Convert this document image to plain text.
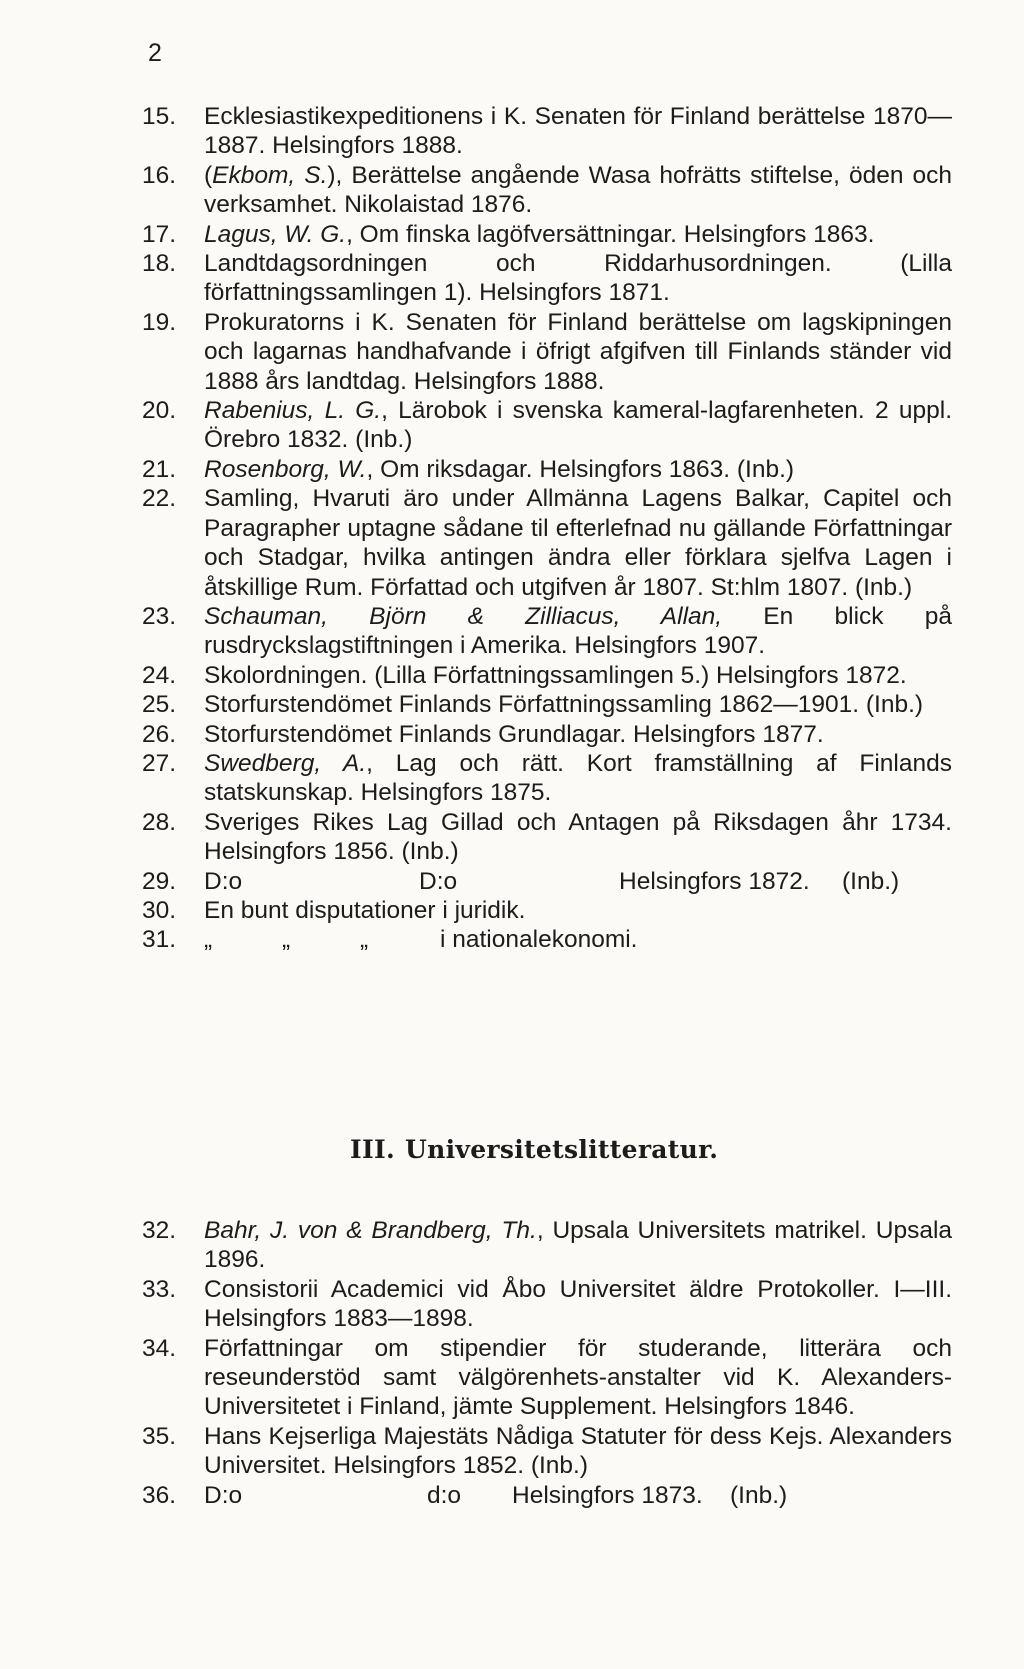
2
15. Ecklesiastikexpeditionens i K. Senaten för Finland berättelse 1870—1887. Helsingfors 1888.
16. (Ekbom, S.), Berättelse angående Wasa hofrätts stiftelse, öden och verksamhet. Nikolaistad 1876.
17. Lagus, W. G., Om finska lagöfversättningar. Helsingfors 1863.
18. Landtdagsordningen och Riddarhusordningen. (Lilla författningssamlingen 1). Helsingfors 1871.
19. Prokuratorns i K. Senaten för Finland berättelse om lagskipningen och lagarnas handhafvande i öfrigt afgifven till Finlands ständer vid 1888 års landtdag. Helsingfors 1888.
20. Rabenius, L. G., Lärobok i svenska kameral-lagfarenheten. 2 uppl. Örebro 1832. (Inb.)
21. Rosenborg, W., Om riksdagar. Helsingfors 1863. (Inb.)
22. Samling, Hvaruti äro under Allmänna Lagens Balkar, Capitel och Paragrapher uptagne sådane til efterlefnad nu gällande Författningar och Stadgar, hvilka antingen ändra eller förklara sjelfva Lagen i åtskillige Rum. Författad och utgifven år 1807. St:hlm 1807. (Inb.)
23. Schauman, Björn & Zilliacus, Allan, En blick på rusdryckslagstiftningen i Amerika. Helsingfors 1907.
24. Skolordningen. (Lilla Författningssamlingen 5.) Helsingfors 1872.
25. Storfurstendömet Finlands Författningssamling 1862—1901. (Inb.)
26. Storfurstendömet Finlands Grundlagar. Helsingfors 1877.
27. Swedberg, A., Lag och rätt. Kort framställning af Finlands statskunskap. Helsingfors 1875.
28. Sveriges Rikes Lag Gillad och Antagen på Riksdagen åhr 1734. Helsingfors 1856. (Inb.)
29. D:o	D:o	Helsingfors 1872. (Inb.)
30. En bunt disputationer i juridik.
31. „	„	„	i nationalekonomi.
III. Universitetslitteratur.
32. Bahr, J. von & Brandberg, Th., Upsala Universitets matrikel. Upsala 1896.
33. Consistorii Academici vid Åbo Universitet äldre Protokoller. I—III. Helsingfors 1883—1898.
34. Författningar om stipendier för studerande, litterära och reseunderstöd samt välgörenhets-anstalter vid K. Alexanders-Universitetet i Finland, jämte Supplement. Helsingfors 1846.
35. Hans Kejserliga Majestäts Nådiga Statuter för dess Kejs. Alexanders Universitet. Helsingfors 1852. (Inb.)
36. D:o	d:o Helsingfors 1873. (Inb.)
